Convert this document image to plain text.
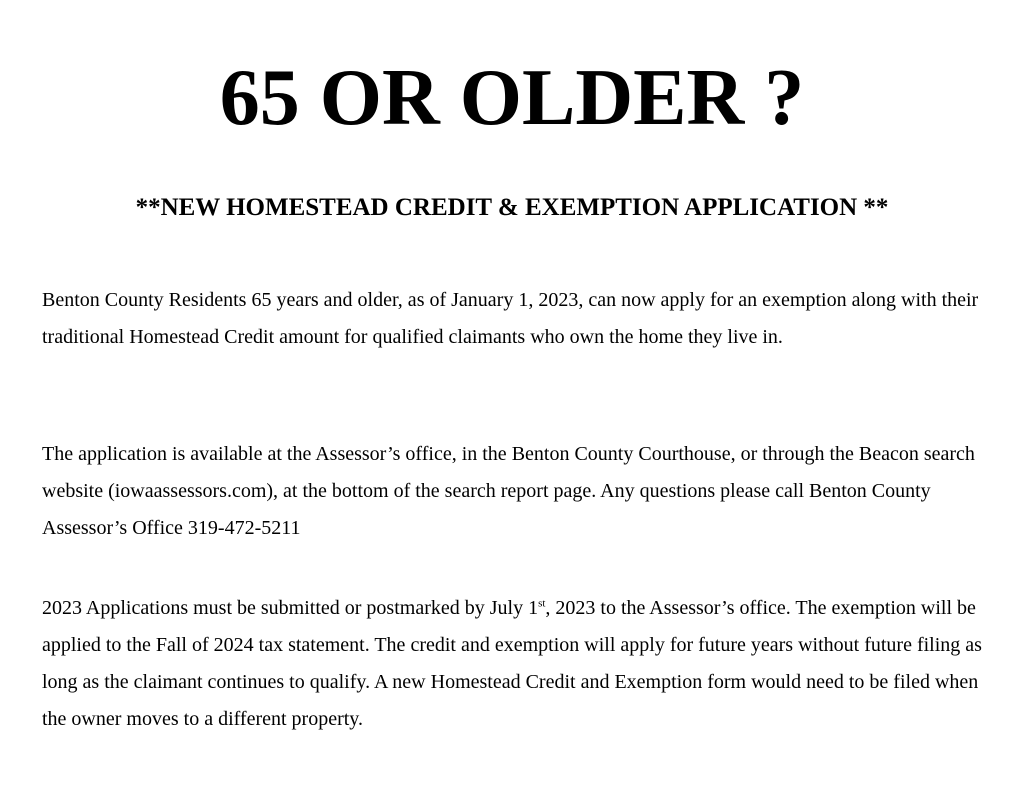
65 OR OLDER ?
**NEW HOMESTEAD CREDIT & EXEMPTION APPLICATION **

Benton County Residents 65 years and older, as of January 1, 2023, can now apply for an exemption along with their traditional Homestead Credit amount for qualified claimants who own the home they live in.

The application is available at the Assessor’s office, in the Benton County Courthouse, or through the Beacon search website (iowaassessors.com), at the bottom of the search report page. Any questions please call Benton County Assessor’s Office 319-472-5211

2023 Applications must be submitted or postmarked by July 1st, 2023 to the Assessor’s office. The exemption will be applied to the Fall of 2024 tax statement. The credit and exemption will apply for future years without future filing as long as the claimant continues to qualify. A new Homestead Credit and Exemption form would need to be filed when the owner moves to a different property.
